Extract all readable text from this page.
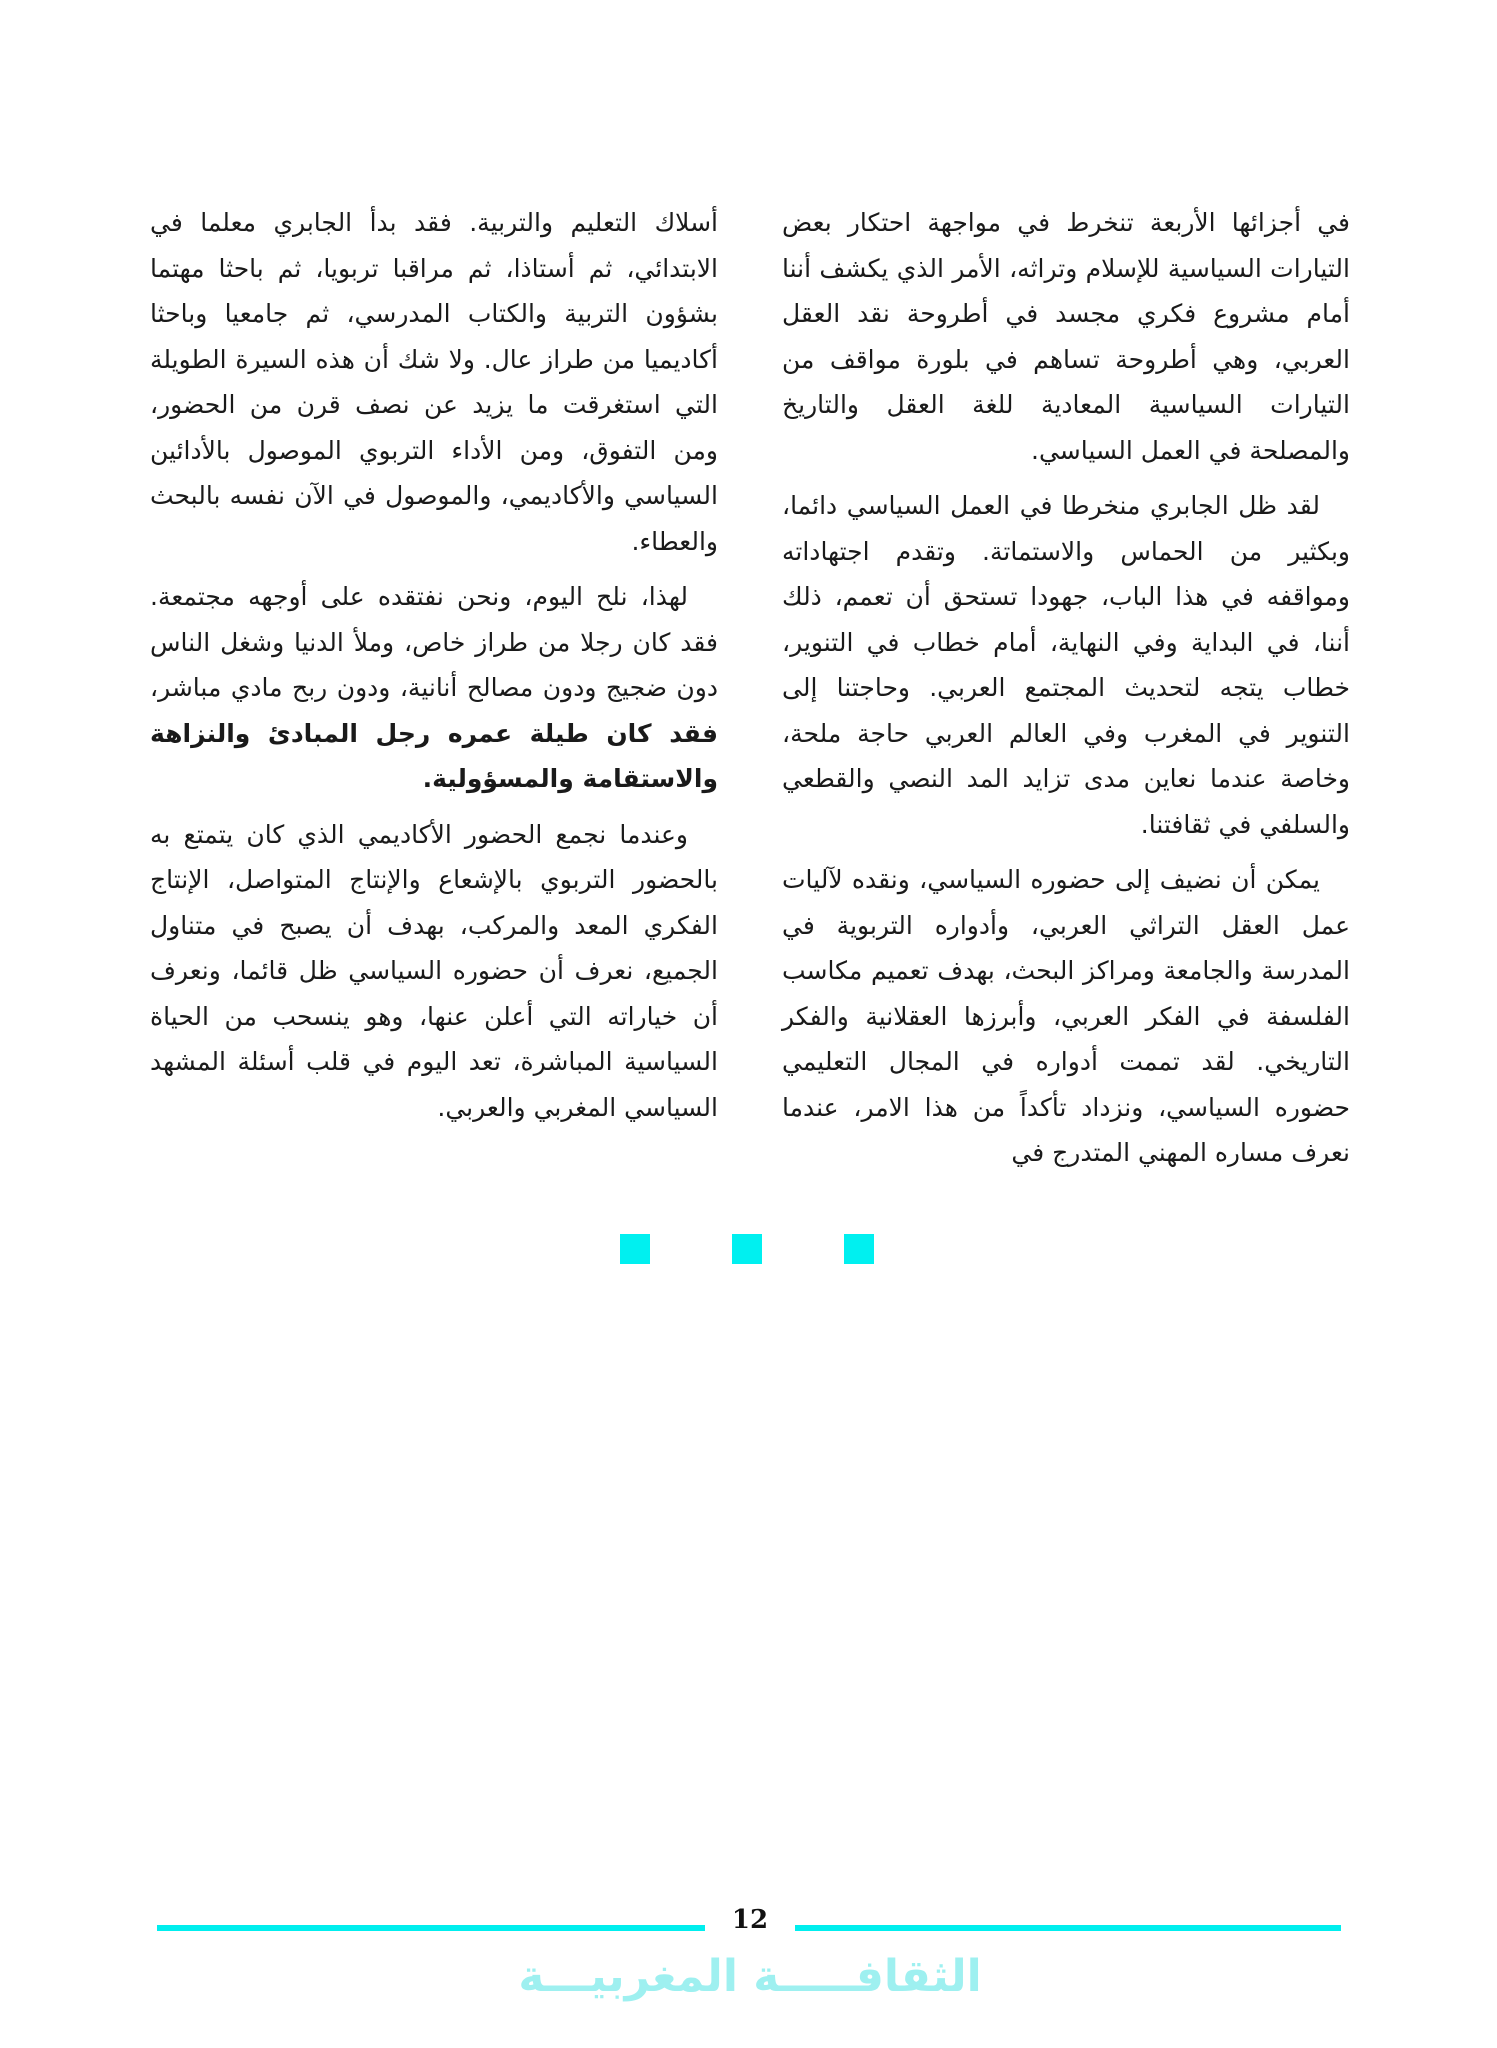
في أجزائها الأربعة تنخرط في مواجهة احتكار بعض التيارات السياسية للإسلام وتراثه، الأمر الذي يكشف أننا أمام مشروع فكري مجسد في أطروحة نقد العقل العربي، وهي أطروحة تساهم في بلورة مواقف من التيارات السياسية المعادية للغة العقل والتاريخ والمصلحة في العمل السياسي.

لقد ظل الجابري منخرطا في العمل السياسي دائما، وبكثير من الحماس والاستماتة. وتقدم اجتهاداته ومواقفه في هذا الباب، جهودا تستحق أن تعمم، ذلك أننا، في البداية وفي النهاية، أمام خطاب في التنوير، خطاب يتجه لتحديث المجتمع العربي. وحاجتنا إلى التنوير في المغرب وفي العالم العربي حاجة ملحة، وخاصة عندما نعاين مدى تزايد المد النصي والقطعي والسلفي في ثقافتنا.

يمكن أن نضيف إلى حضوره السياسي، ونقده لآليات عمل العقل التراثي العربي، وأدواره التربوية في المدرسة والجامعة ومراكز البحث، بهدف تعميم مكاسب الفلسفة في الفكر العربي، وأبرزها العقلانية والفكر التاريخي. لقد تممت أدواره في المجال التعليمي حضوره السياسي، ونزداد تأكداً من هذا الامر، عندما نعرف مساره المهني المتدرج في

أسلاك التعليم والتربية. فقد بدأ الجابري معلما في الابتدائي، ثم أستاذا، ثم مراقبا تربويا، ثم باحثا مهتما بشؤون التربية والكتاب المدرسي، ثم جامعيا وباحثا أكاديميا من طراز عال. ولا شك أن هذه السيرة الطويلة التي استغرقت ما يزيد عن نصف قرن من الحضور، ومن التفوق، ومن الأداء التربوي الموصول بالأدائين السياسي والأكاديمي، والموصول في الآن نفسه بالبحث والعطاء.

لهذا، نلح اليوم، ونحن نفتقده على أوجهه مجتمعة. فقد كان رجلا من طراز خاص، وملأ الدنيا وشغل الناس دون ضجيج ودون مصالح أنانية، ودون ربح مادي مباشر، فقد كان طيلة عمره رجل المبادئ والنزاهة والاستقامة والمسؤولية.

وعندما نجمع الحضور الأكاديمي الذي كان يتمتع به بالحضور التربوي بالإشعاع والإنتاج المتواصل، الإنتاج الفكري المعد والمركب، بهدف أن يصبح في متناول الجميع، نعرف أن حضوره السياسي ظل قائما، ونعرف أن خياراته التي أعلن عنها، وهو ينسحب من الحياة السياسية المباشرة، تعد اليوم في قلب أسئلة المشهد السياسي المغربي والعربي.

12
الثقافـــــة المغربيـــة
